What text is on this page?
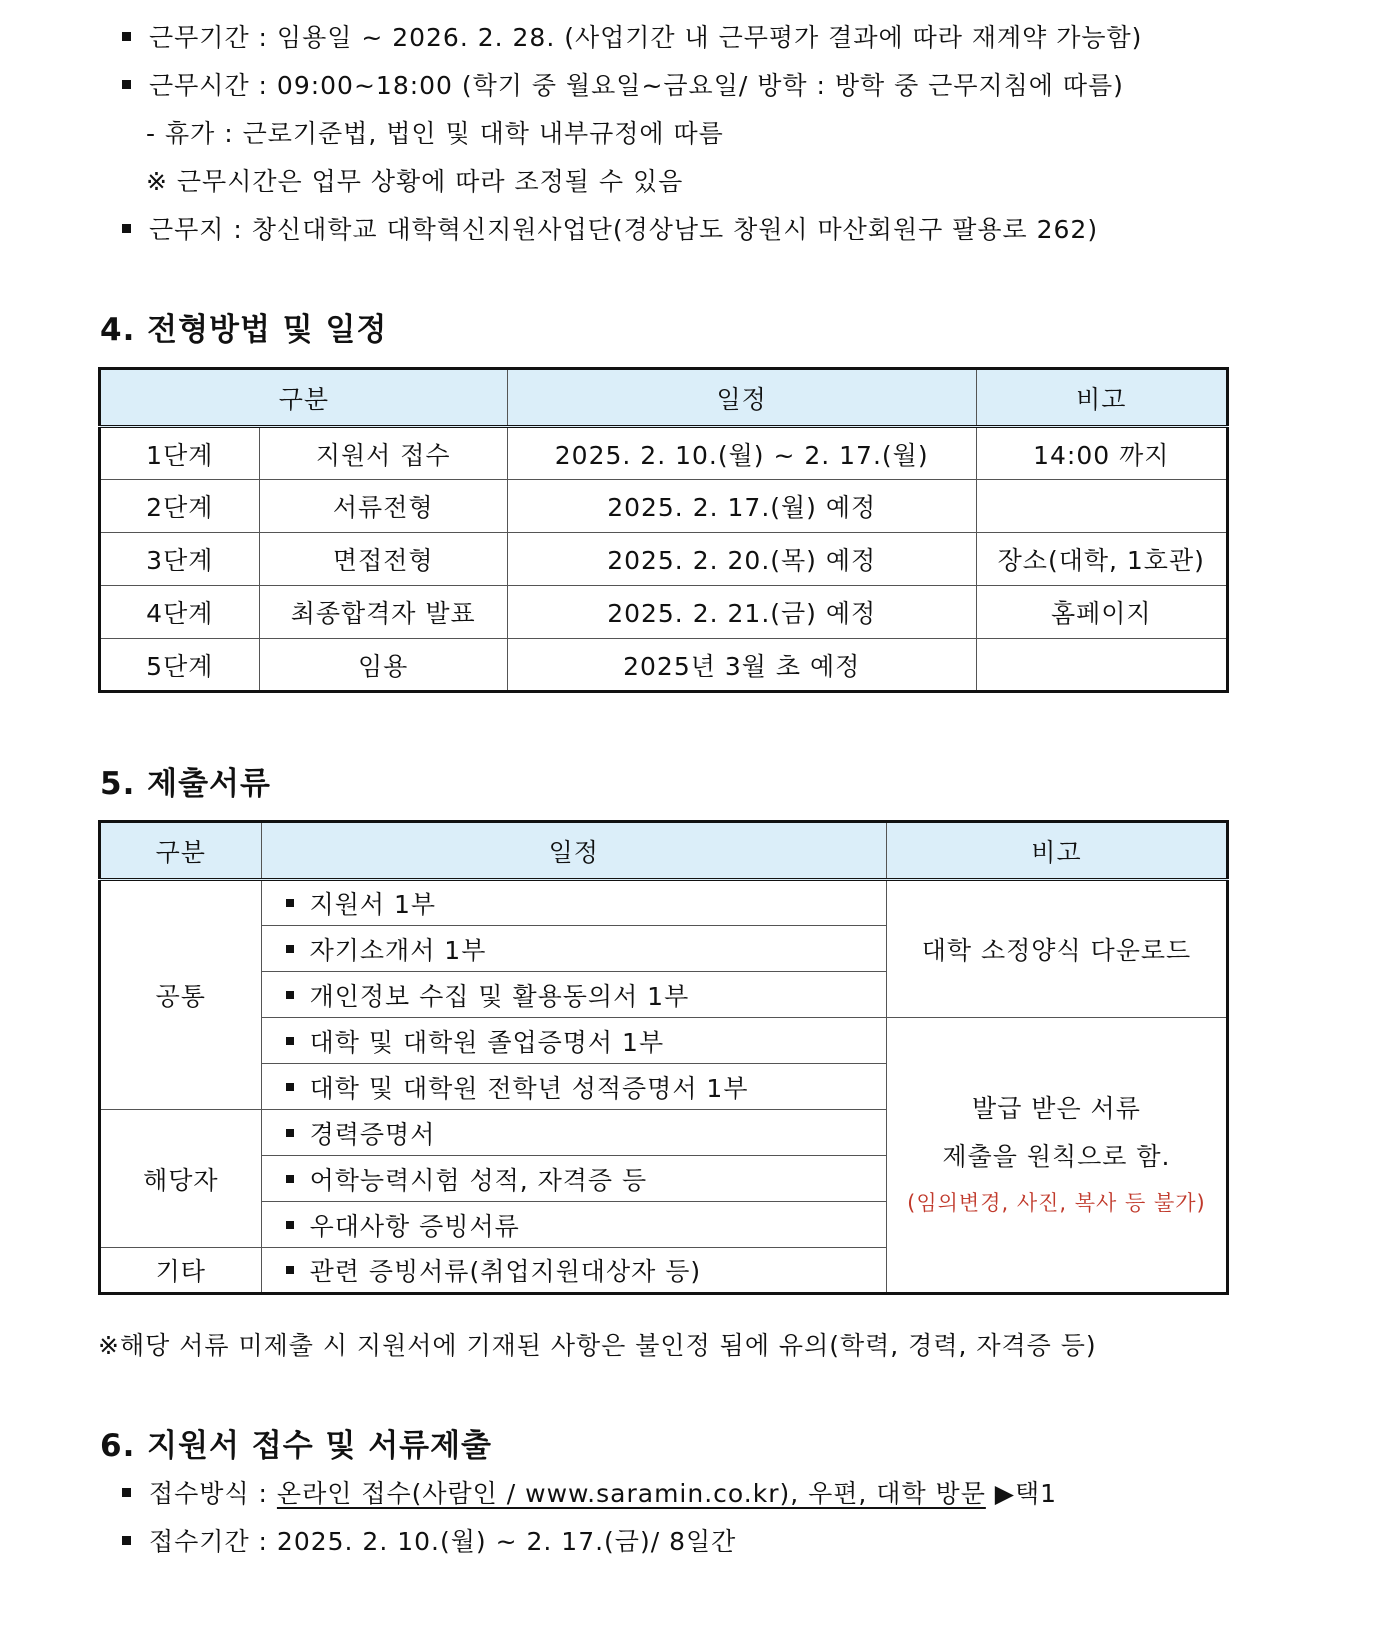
근무기간 : 임용일 ~ 2026. 2. 28. (사업기간 내 근무평가 결과에 따라 재계약 가능함)
근무시간 : 09:00~18:00 (학기 중 월요일~금요일/ 방학 : 방학 중 근무지침에 따름)
- 휴가 : 근로기준법, 법인 및 대학 내부규정에 따름
※ 근무시간은 업무 상황에 따라 조정될 수 있음
근무지 : 창신대학교 대학혁신지원사업단(경상남도 창원시 마산회원구 팔용로 262)
4. 전형방법 및 일정
구분		일정	비고
1단계	지원서 접수	2025. 2. 10.(월) ~ 2. 17.(월)	14:00 까지
2단계	서류전형	2025. 2. 17.(월) 예정	
3단계	면접전형	2025. 2. 20.(목) 예정	장소(대학, 1호관)
4단계	최종합격자 발표	2025. 2. 21.(금) 예정	홈페이지
5단계	임용	2025년 3월 초 예정	
5. 제출서류
구분	일정	비고
공통	지원서 1부	대학 소정양식 다운로드
	자기소개서 1부	
	개인정보 수집 및 활용동의서 1부	
	대학 및 대학원 졸업증명서 1부	발급 받은 서류
제출을 원칙으로 함.
(임의변경, 사진, 복사 등 불가)

	대학 및 대학원 전학년 성적증명서 1부	
해당자	경력증명서	
	어학능력시험 성적, 자격증 등	
	우대사항 증빙서류	
기타	관련 증빙서류(취업지원대상자 등)	
※해당 서류 미제출 시 지원서에 기재된 사항은 불인정 됨에 유의(학력, 경력, 자격증 등)
6. 지원서 접수 및 서류제출
접수방식 : 온라인 접수(사람인 / www.saramin.co.kr), 우편, 대학 방문 ▶택1
접수기간 : 2025. 2. 10.(월) ~ 2. 17.(금)/ 8일간
